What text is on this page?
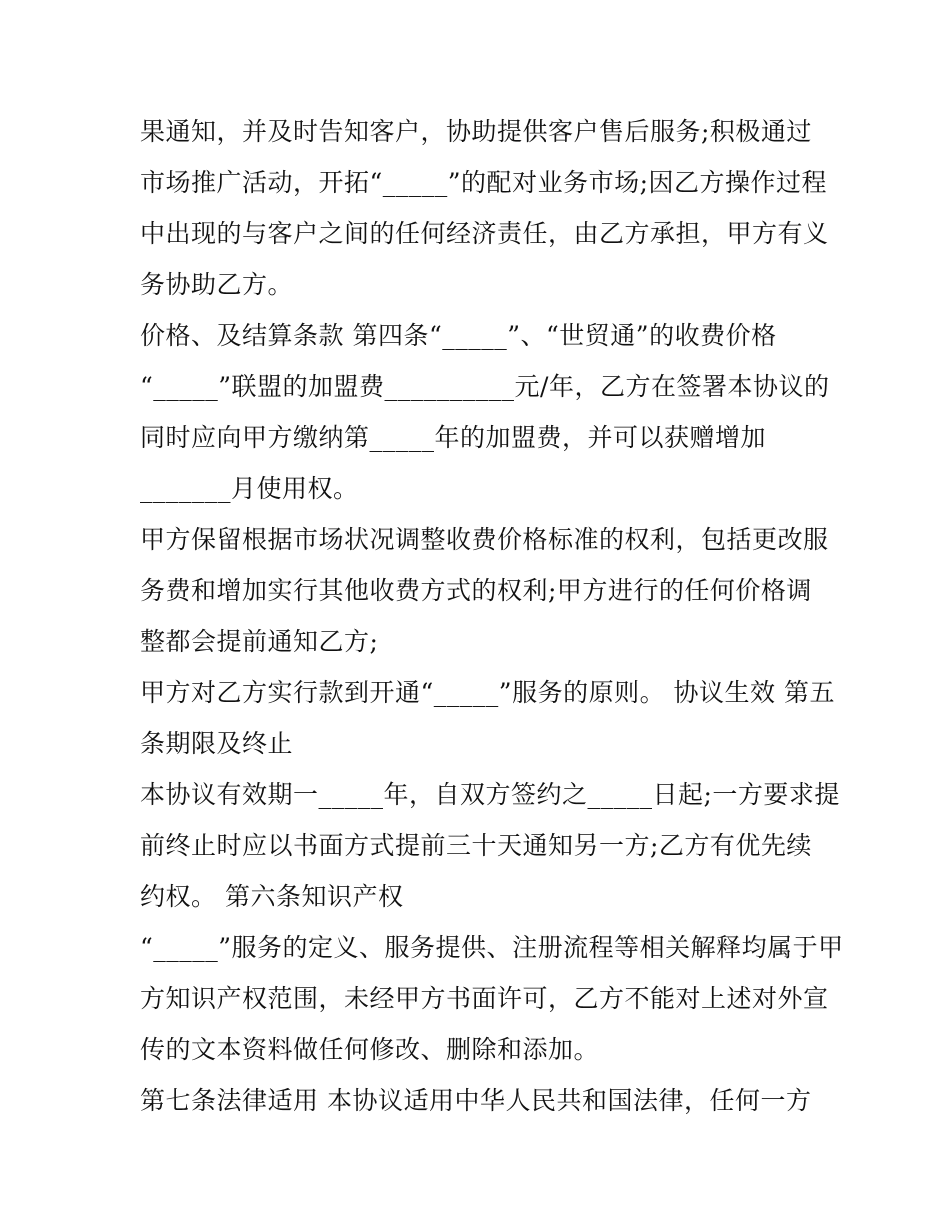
果通知，并及时告知客户，协助提供客户售后服务;积极通过
市场推广活动，开拓“_____”的配对业务市场;因乙方操作过程
中出现的与客户之间的任何经济责任，由乙方承担，甲方有义
务协助乙方。
价格、及结算条款 第四条“_____”、“世贸通”的收费价格
“_____”联盟的加盟费__________元/年，乙方在签署本协议的
同时应向甲方缴纳第_____年的加盟费，并可以获赠增加
_______月使用权。
甲方保留根据市场状况调整收费价格标准的权利，包括更改服
务费和增加实行其他收费方式的权利;甲方进行的任何价格调
整都会提前通知乙方;
甲方对乙方实行款到开通“_____”服务的原则。 协议生效 第五
条期限及终止
本协议有效期一_____年，自双方签约之_____日起;一方要求提
前终止时应以书面方式提前三十天通知另一方;乙方有优先续
约权。 第六条知识产权
“_____”服务的定义、服务提供、注册流程等相关解释均属于甲
方知识产权范围，未经甲方书面许可，乙方不能对上述对外宣
传的文本资料做任何修改、删除和添加。
第七条法律适用 本协议适用中华人民共和国法律，任何一方
